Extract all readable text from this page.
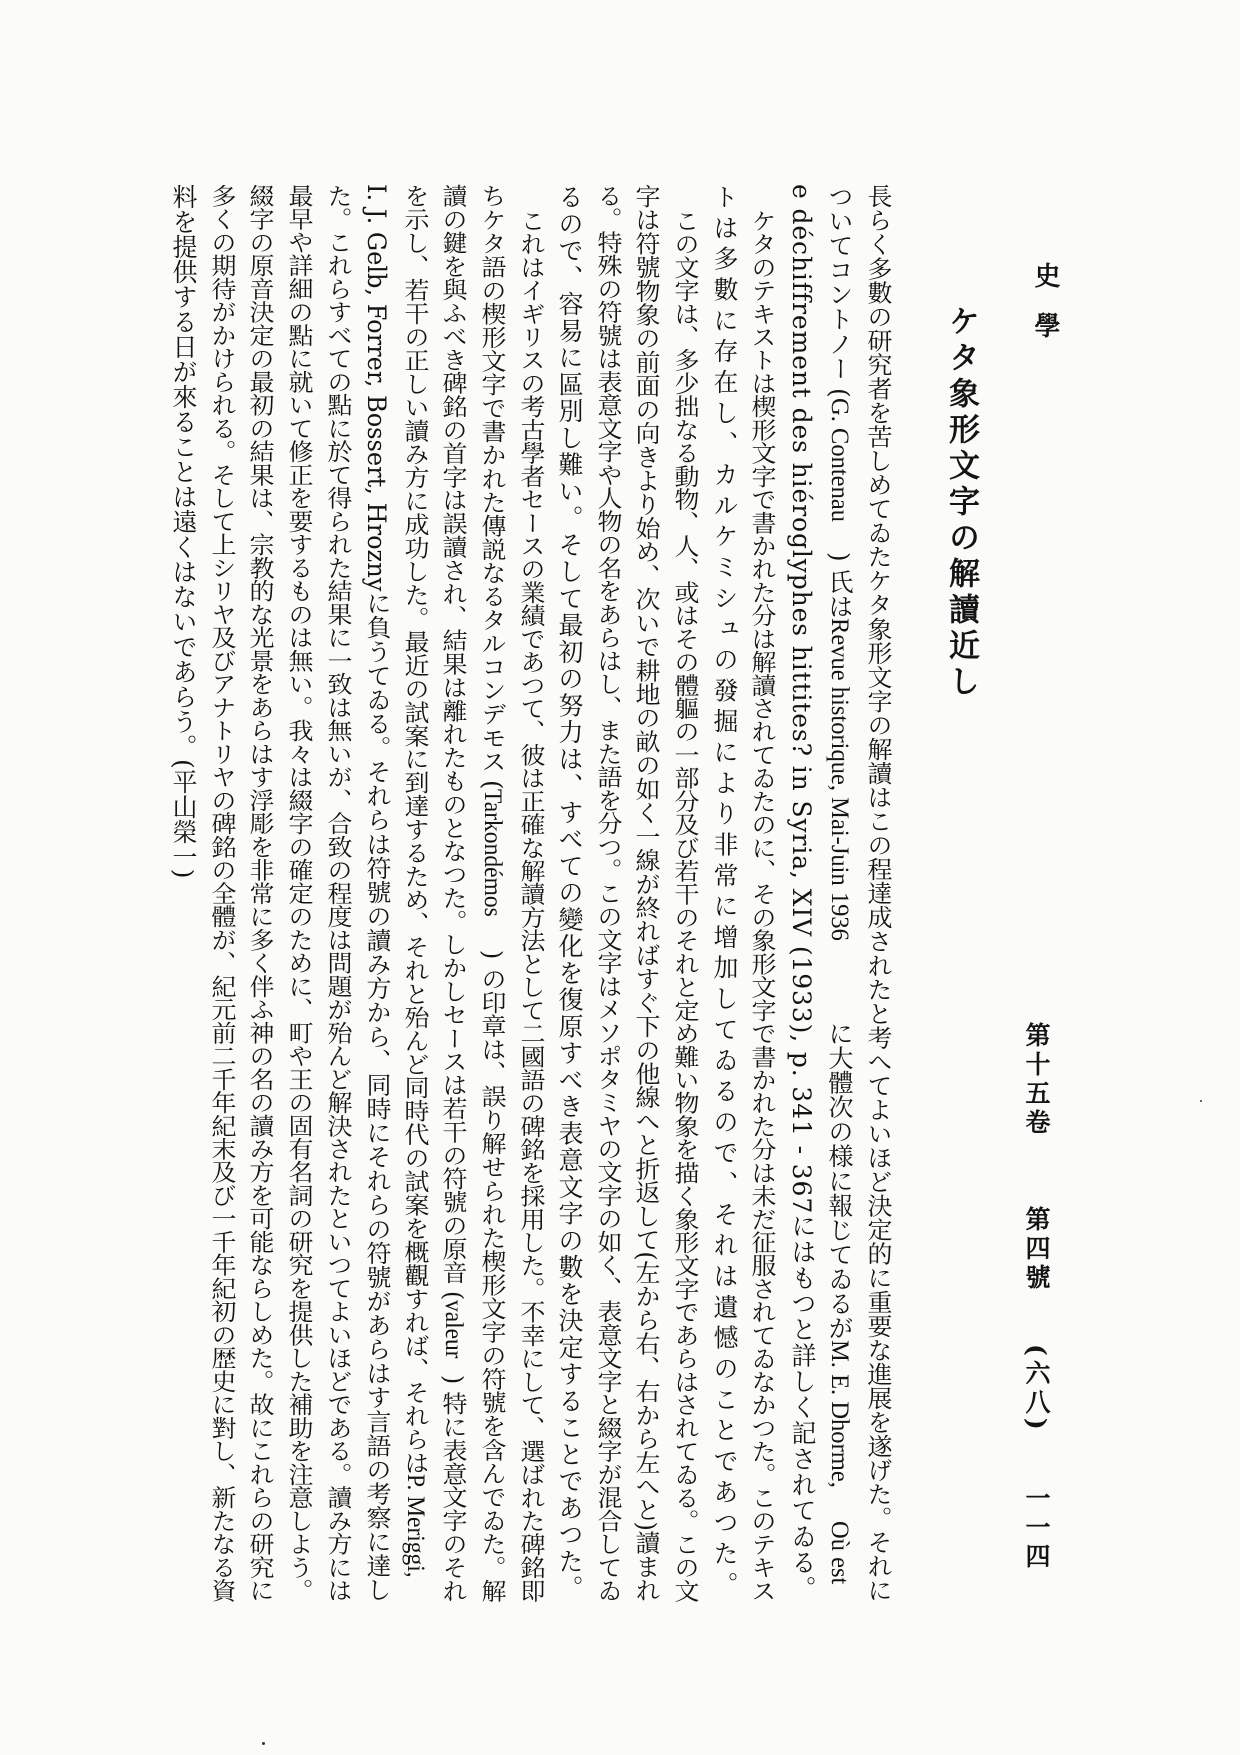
史學
ケタ象形文字の解讀近し
第十五卷
第四號
(六八)
一一四
長らく多數の研究者を苦しめてゐたケタ象形文字の解讀はこの程達成されたと考へてよいほど決定的に重要な進展を遂げた。それに
ついてコントノー (
G. Contenau
) 氏は
Revue historique, Mai-Juin 1936
に大體次の様に報じてゐるが
M. E. Dhorme,
Où est
e déchiffrement des hiéroglyphes hittites? in Syria, XIV (1933), p. 341 - 367
にはもつと詳しく記されてゐる。
ケタのテキストは楔形文字で書かれた分は解讀されてゐたのに、その象形文字で書かれた分は未だ征服されてゐなかつた。このテキス
トは多數に存在し、カルケミシュの發掘により非常に增加してゐるので、それは遺憾のことであつた。
この文字は、多少拙なる動物、人、或はその體軀の一部分及び若干のそれと定め難い物象を描く象形文字であらはされてゐる。この文
字は符號物象の前面の向きより始め、次いで耕地の畝の如く一線が終ればすぐ下の他線へと折返して(左から右、右から左へと)讀まれ
る。特殊の符號は表意文字や人物の名をあらはし、また語を分つ。この文字はメソポタミヤの文字の如く、表意文字と綴字が混合してゐ
るので、容易に區別し難い。そして最初の努力は、すべての變化を復原すべき表意文字の數を決定することであつた。
これはイギリスの考古學者セースの業績であつて、彼は正確な解讀方法として二國語の碑銘を採用した。不幸にして、選ばれた碑銘即
ちケタ語の楔形文字で書かれた傳説なるタルコンデモス (
Tarkondémos
) の印章は、誤り解せられた楔形文字の符號を含んでゐた。解
讀の鍵を與ふべき碑銘の首字は誤讀され、結果は離れたものとなつた。しかしセースは若干の符號の原音 (
valeur
) 特に表意文字のそれ
を示し、若干の正しい讀み方に成功した。最近の試案に到達するため、それと殆んど同時代の試案を概觀すれば、それらは
P. Meriggi,
I. J. Gelb, Forrer, Bossert, Hrozny
に負うてゐる。それらは符號の讀み方から、同時にそれらの符號があらはす言語の考察に達し
た。これらすべての點に於て得られた結果に一致は無いが、合致の程度は問題が殆んど解決されたといつてよいほどである。讀み方には
最早や詳細の點に就いて修正を要するものは無い。我々は綴字の確定のために、町や王の固有名詞の研究を提供した補助を注意しよう。
綴字の原音決定の最初の結果は、宗教的な光景をあらはす浮彫を非常に多く伴ふ神の名の讀み方を可能ならしめた。故にこれらの研究に
多くの期待がかけられる。そして上シリヤ及びアナトリヤの碑銘の全體が、紀元前二千年紀末及び一千年紀初の歴史に對し、新たなる資
料を提供する日が來ることは遠くはないであらう。(平山榮一)
